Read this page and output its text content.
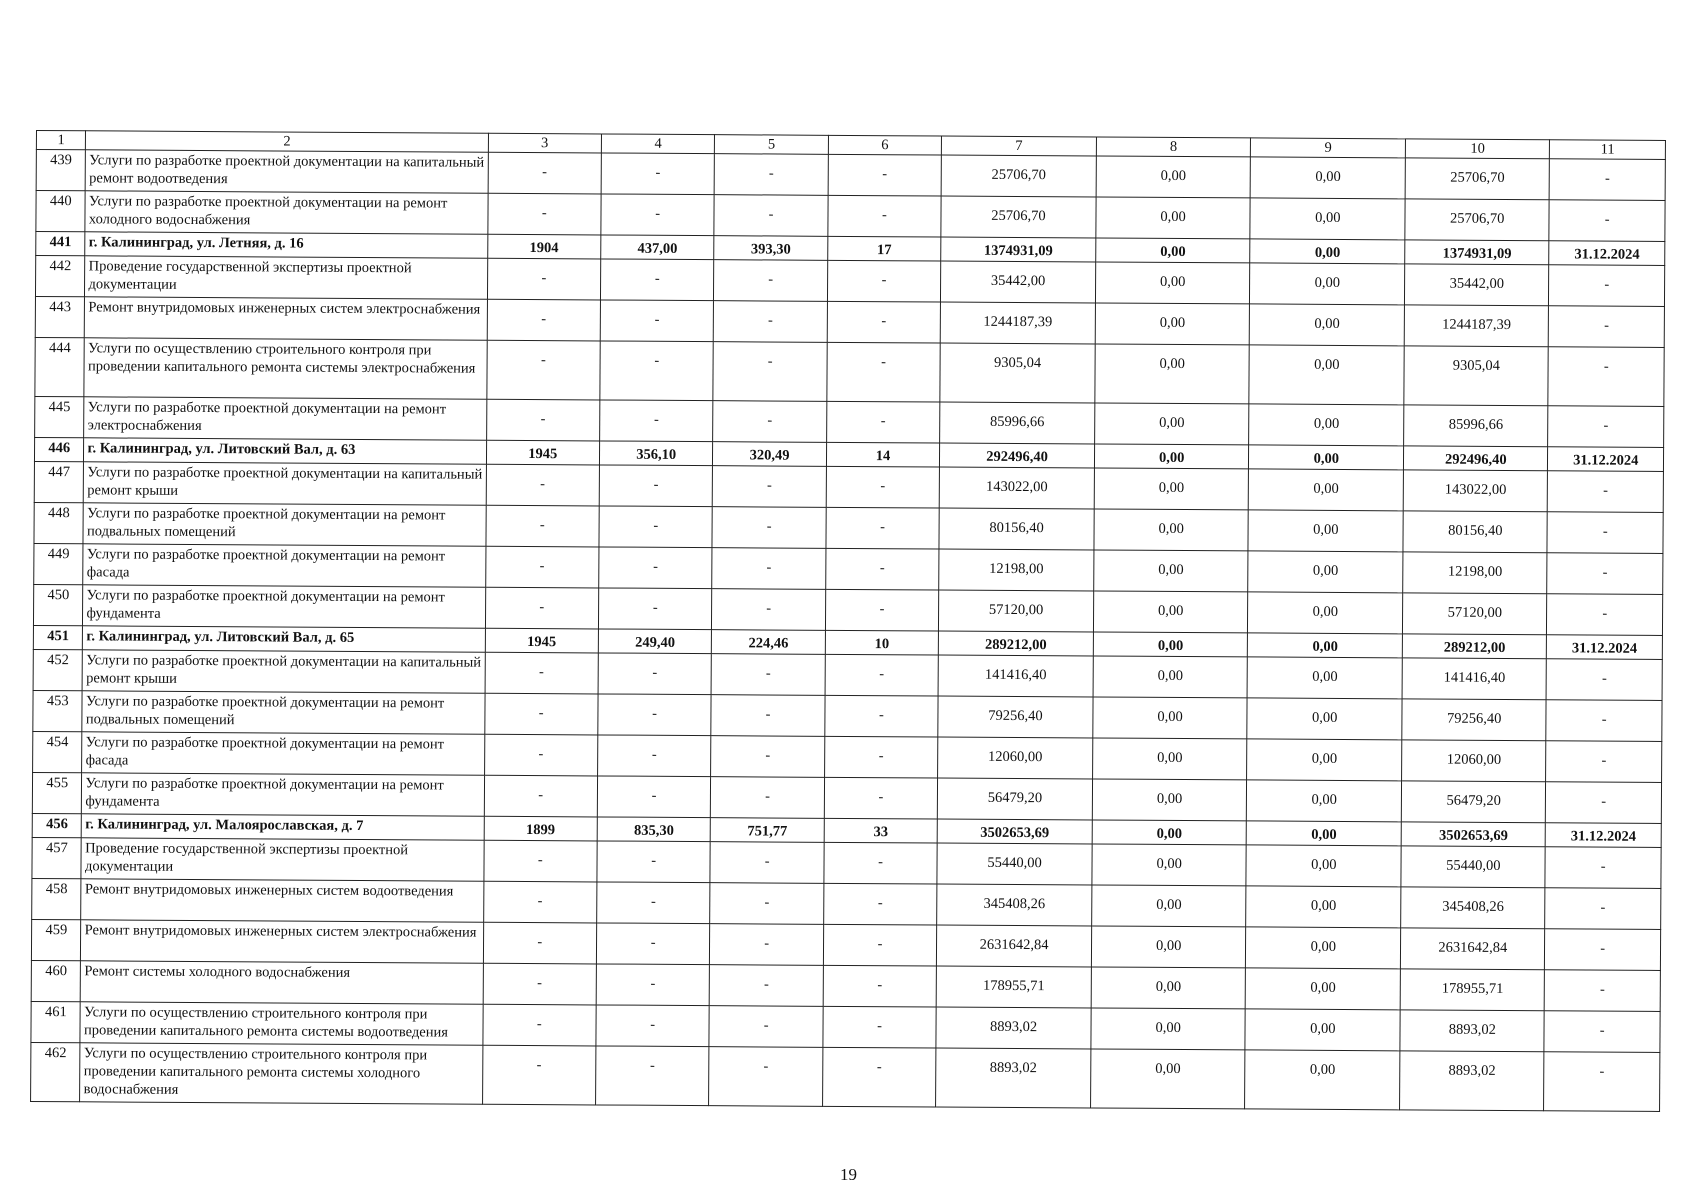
1	2	3	4	5	6	7	8	9	10	11
439	Услуги по разработке проектной документации на капитальный ремонт водоотведения	-	-	-	-	25706,70	0,00	0,00	25706,70	-
440	Услуги по разработке проектной документации на ремонт холодного водоснабжения	-	-	-	-	25706,70	0,00	0,00	25706,70	-
441	г. Калининград, ул. Летняя, д. 16	1904	437,00	393,30	17	1374931,09	0,00	0,00	1374931,09	31.12.2024
442	Проведение государственной экспертизы проектной документации	-	-	-	-	35442,00	0,00	0,00	35442,00	-
443	Ремонт внутридомовых инженерных систем электроснабжения	-	-	-	-	1244187,39	0,00	0,00	1244187,39	-
444	Услуги по осуществлению строительного контроля при проведении капитального ремонта системы электроснабжения	-	-	-	-	9305,04	0,00	0,00	9305,04	-
445	Услуги по разработке проектной документации на ремонт электроснабжения	-	-	-	-	85996,66	0,00	0,00	85996,66	-
446	г. Калининград, ул. Литовский Вал, д. 63	1945	356,10	320,49	14	292496,40	0,00	0,00	292496,40	31.12.2024
447	Услуги по разработке проектной документации на капитальный ремонт крыши	-	-	-	-	143022,00	0,00	0,00	143022,00	-
448	Услуги по разработке проектной документации на ремонт подвальных помещений	-	-	-	-	80156,40	0,00	0,00	80156,40	-
449	Услуги по разработке проектной документации на ремонт фасада	-	-	-	-	12198,00	0,00	0,00	12198,00	-
450	Услуги по разработке проектной документации на ремонт фундамента	-	-	-	-	57120,00	0,00	0,00	57120,00	-
451	г. Калининград, ул. Литовский Вал, д. 65	1945	249,40	224,46	10	289212,00	0,00	0,00	289212,00	31.12.2024
452	Услуги по разработке проектной документации на капитальный ремонт крыши	-	-	-	-	141416,40	0,00	0,00	141416,40	-
453	Услуги по разработке проектной документации на ремонт подвальных помещений	-	-	-	-	79256,40	0,00	0,00	79256,40	-
454	Услуги по разработке проектной документации на ремонт фасада	-	-	-	-	12060,00	0,00	0,00	12060,00	-
455	Услуги по разработке проектной документации на ремонт фундамента	-	-	-	-	56479,20	0,00	0,00	56479,20	-
456	г. Калининград, ул. Малоярославская, д. 7	1899	835,30	751,77	33	3502653,69	0,00	0,00	3502653,69	31.12.2024
457	Проведение государственной экспертизы проектной документации	-	-	-	-	55440,00	0,00	0,00	55440,00	-
458	Ремонт внутридомовых инженерных систем водоотведения	-	-	-	-	345408,26	0,00	0,00	345408,26	-
459	Ремонт внутридомовых инженерных систем электроснабжения	-	-	-	-	2631642,84	0,00	0,00	2631642,84	-
460	Ремонт системы холодного водоснабжения	-	-	-	-	178955,71	0,00	0,00	178955,71	-
461	Услуги по осуществлению строительного контроля при проведении капитального ремонта системы водоотведения	-	-	-	-	8893,02	0,00	0,00	8893,02	-
462	Услуги по осуществлению строительного контроля при проведении капитального ремонта системы холодного водоснабжения	-	-	-	-	8893,02	0,00	0,00	8893,02	-
19
